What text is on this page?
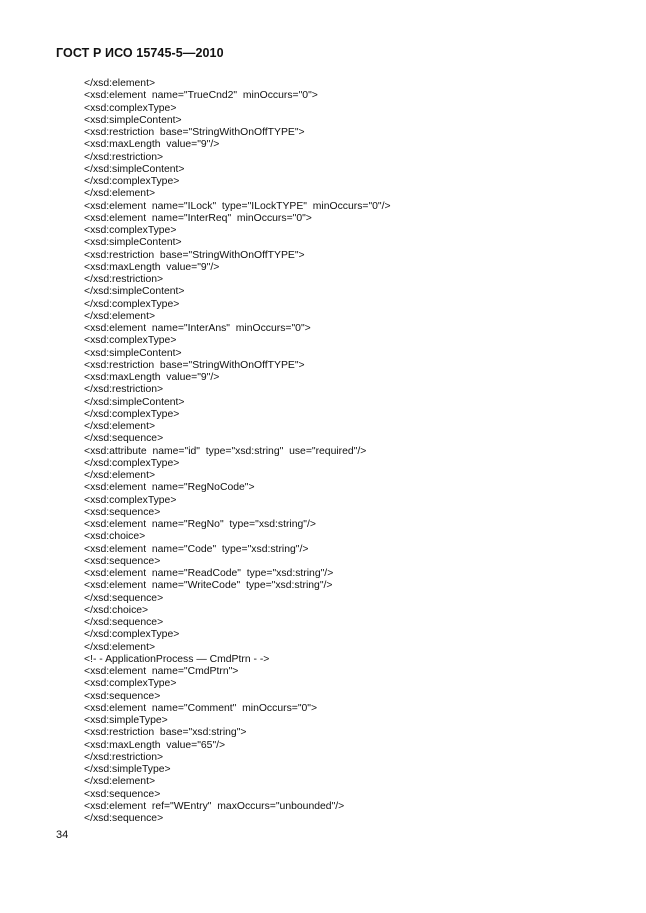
ГОСТ Р ИСО 15745-5—2010
</xsd:element>
<xsd:element  name="TrueCnd2"  minOccurs="0">
<xsd:complexType>
<xsd:simpleContent>
<xsd:restriction  base="StringWithOnOffTYPE">
<xsd:maxLength  value="9"/>
</xsd:restriction>
</xsd:simpleContent>
</xsd:complexType>
</xsd:element>
<xsd:element  name="ILock"  type="ILockTYPE"  minOccurs="0"/>
<xsd:element  name="InterReq"  minOccurs="0">
<xsd:complexType>
<xsd:simpleContent>
<xsd:restriction  base="StringWithOnOffTYPE">
<xsd:maxLength  value="9"/>
</xsd:restriction>
</xsd:simpleContent>
</xsd:complexType>
</xsd:element>
<xsd:element  name="InterAns"  minOccurs="0">
<xsd:complexType>
<xsd:simpleContent>
<xsd:restriction  base="StringWithOnOffTYPE">
<xsd:maxLength  value="9"/>
</xsd:restriction>
</xsd:simpleContent>
</xsd:complexType>
</xsd:element>
</xsd:sequence>
<xsd:attribute  name="id"  type="xsd:string"  use="required"/>
</xsd:complexType>
</xsd:element>
<xsd:element  name="RegNoCode">
<xsd:complexType>
<xsd:sequence>
<xsd:element  name="RegNo"  type="xsd:string"/>
<xsd:choice>
<xsd:element  name="Code"  type="xsd:string"/>
<xsd:sequence>
<xsd:element  name="ReadCode"  type="xsd:string"/>
<xsd:element  name="WriteCode"  type="xsd:string"/>
</xsd:sequence>
</xsd:choice>
</xsd:sequence>
</xsd:complexType>
</xsd:element>
<!- - ApplicationProcess — CmdPtrn - ->
<xsd:element  name="CmdPtrn">
<xsd:complexType>
<xsd:sequence>
<xsd:element  name="Comment"  minOccurs="0">
<xsd:simpleType>
<xsd:restriction  base="xsd:string">
<xsd:maxLength  value="65"/>
</xsd:restriction>
</xsd:simpleType>
</xsd:element>
<xsd:sequence>
<xsd:element  ref="WEntry"  maxOccurs="unbounded"/>
</xsd:sequence>
34
